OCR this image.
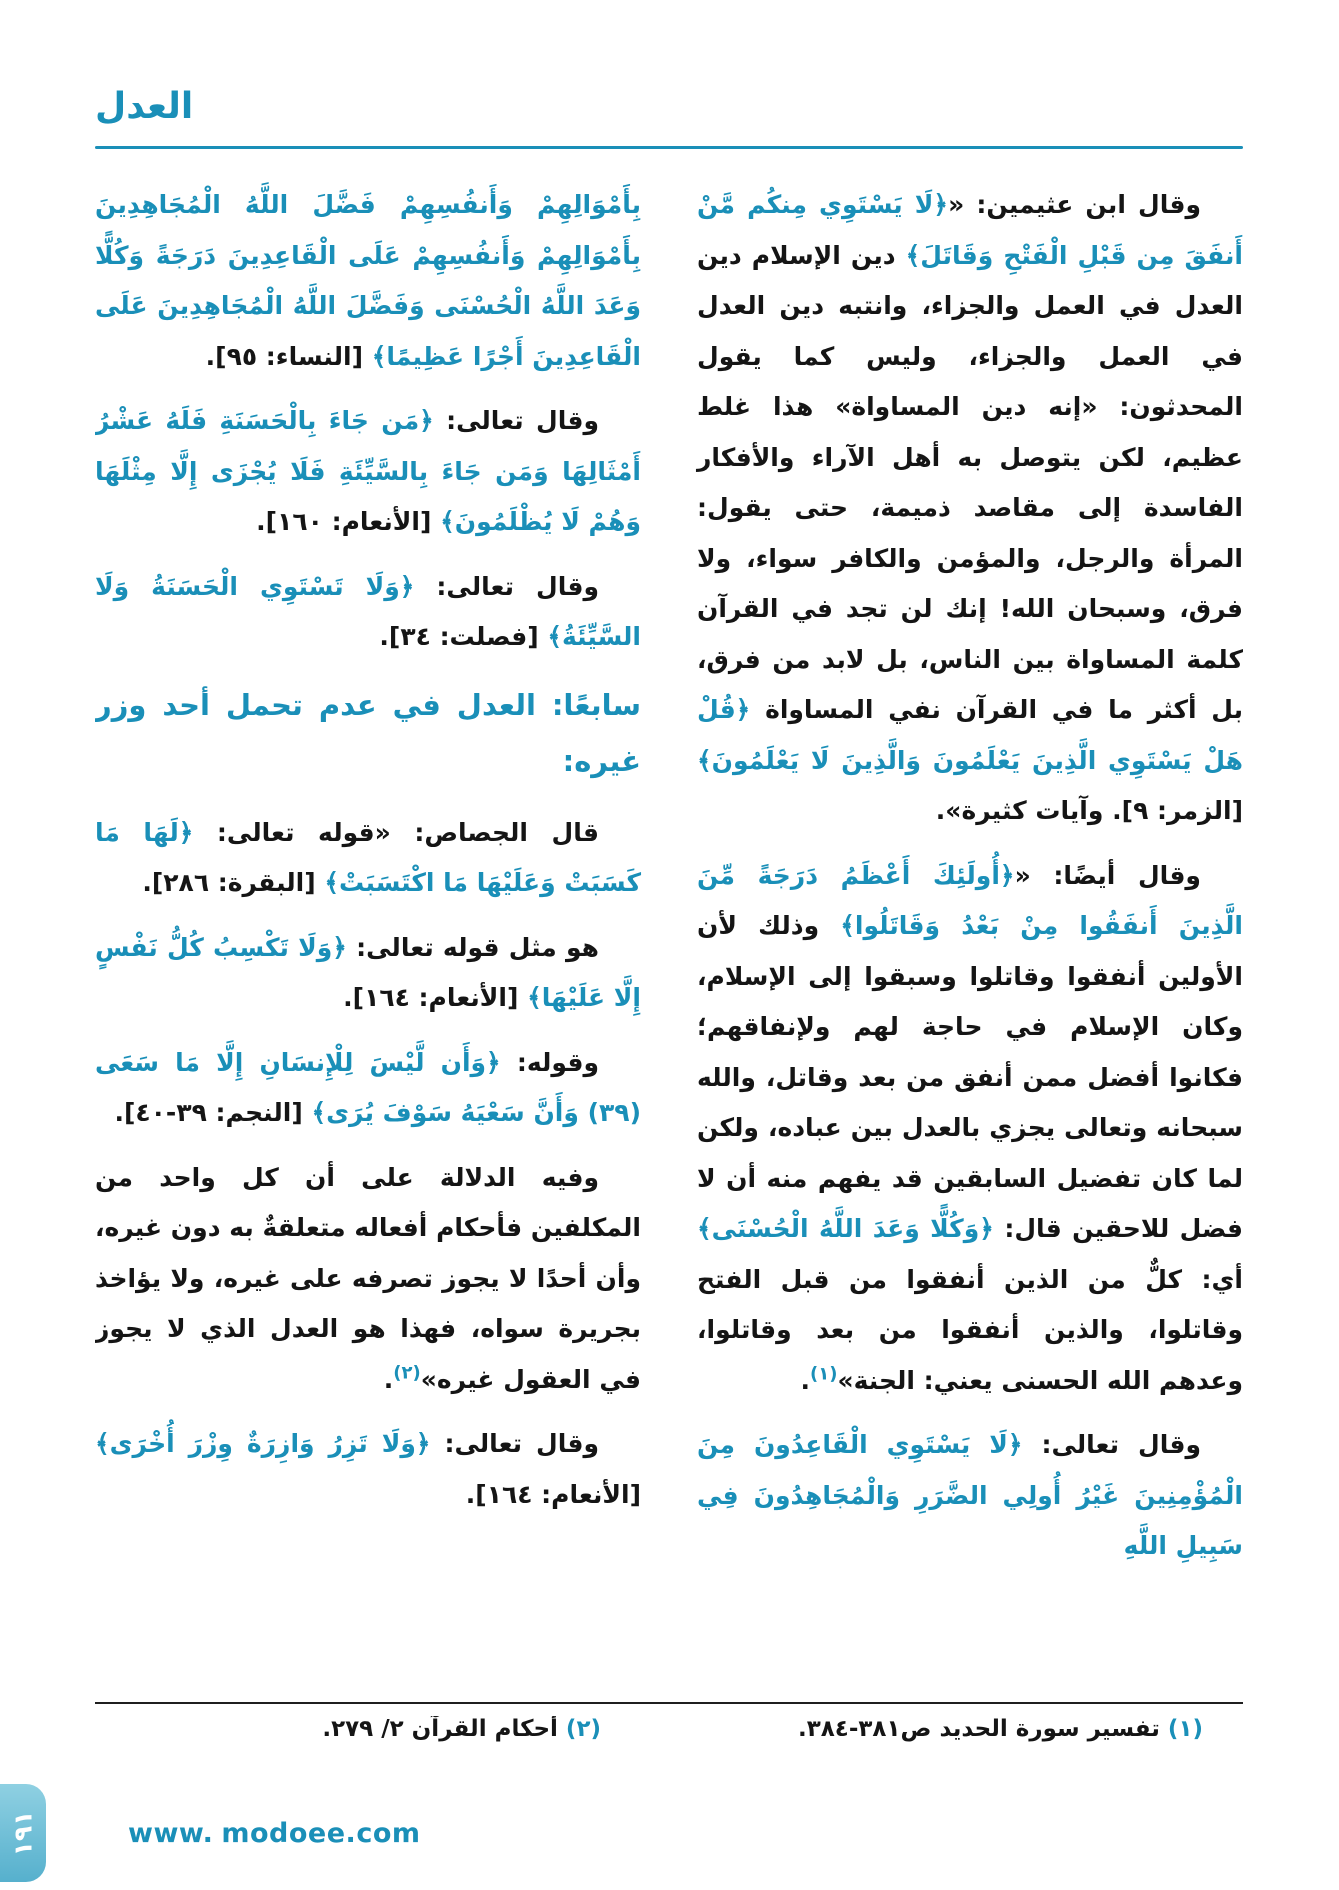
العدل

وقال ابن عثيمين: «﴿لَا يَسْتَوِي مِنكُم مَّنْ أَنفَقَ مِن قَبْلِ الْفَتْحِ وَقَاتَلَ﴾ دين الإسلام دين العدل في العمل والجزاء، وانتبه دين العدل في العمل والجزاء، وليس كما يقول المحدثون: «إنه دين المساواة» هذا غلط عظيم، لكن يتوصل به أهل الآراء والأفكار الفاسدة إلى مقاصد ذميمة، حتى يقول: المرأة والرجل، والمؤمن والكافر سواء، ولا فرق، وسبحان الله! إنك لن تجد في القرآن كلمة المساواة بين الناس، بل لابد من فرق، بل أكثر ما في القرآن نفي المساواة ﴿قُلْ هَلْ يَسْتَوِي الَّذِينَ يَعْلَمُونَ وَالَّذِينَ لَا يَعْلَمُونَ﴾ [الزمر: ٩]. وآيات كثيرة».

وقال أيضًا: «﴿أُولَئِكَ أَعْظَمُ دَرَجَةً مِّنَ الَّذِينَ أَنفَقُوا مِنْ بَعْدُ وَقَاتَلُوا﴾ وذلك لأن الأولين أنفقوا وقاتلوا وسبقوا إلى الإسلام، وكان الإسلام في حاجة لهم ولإنفاقهم؛ فكانوا أفضل ممن أنفق من بعد وقاتل، والله سبحانه وتعالى يجزي بالعدل بين عباده، ولكن لما كان تفضيل السابقين قد يفهم منه أن لا فضل للاحقين قال: ﴿وَكُلًّا وَعَدَ اللَّهُ الْحُسْنَى﴾ أي: كلٌّ من الذين أنفقوا من قبل الفتح وقاتلوا، والذين أنفقوا من بعد وقاتلوا، وعدهم الله الحسنى يعني: الجنة»$^{(١)}$.

وقال تعالى: ﴿لَا يَسْتَوِي الْقَاعِدُونَ مِنَ الْمُؤْمِنِينَ غَيْرُ أُولِي الضَّرَرِ وَالْمُجَاهِدُونَ فِي سَبِيلِ اللَّهِ

بِأَمْوَالِهِمْ وَأَنفُسِهِمْ فَضَّلَ اللَّهُ الْمُجَاهِدِينَ بِأَمْوَالِهِمْ وَأَنفُسِهِمْ عَلَى الْقَاعِدِينَ دَرَجَةً وَكُلًّا وَعَدَ اللَّهُ الْحُسْنَى وَفَضَّلَ اللَّهُ الْمُجَاهِدِينَ عَلَى الْقَاعِدِينَ أَجْرًا عَظِيمًا﴾ [النساء: ٩٥].

وقال تعالى: ﴿مَن جَاءَ بِالْحَسَنَةِ فَلَهُ عَشْرُ أَمْثَالِهَا وَمَن جَاءَ بِالسَّيِّئَةِ فَلَا يُجْزَى إِلَّا مِثْلَهَا وَهُمْ لَا يُظْلَمُونَ﴾ [الأنعام: ١٦٠].

وقال تعالى: ﴿وَلَا تَسْتَوِي الْحَسَنَةُ وَلَا السَّيِّئَةُ﴾ [فصلت: ٣٤].

سابعًا: العدل في عدم تحمل أحد وزر غيره:

قال الجصاص: «قوله تعالى: ﴿لَهَا مَا كَسَبَتْ وَعَلَيْهَا مَا اكْتَسَبَتْ﴾ [البقرة: ٢٨٦].

هو مثل قوله تعالى: ﴿وَلَا تَكْسِبُ كُلُّ نَفْسٍ إِلَّا عَلَيْهَا﴾ [الأنعام: ١٦٤].

وقوله: ﴿وَأَن لَّيْسَ لِلْإِنسَانِ إِلَّا مَا سَعَى (٣٩) وَأَنَّ سَعْيَهُ سَوْفَ يُرَى﴾ [النجم: ٣٩-٤٠].

وفيه الدلالة على أن كل واحد من المكلفين فأحكام أفعاله متعلقةٌ به دون غيره، وأن أحدًا لا يجوز تصرفه على غيره، ولا يؤاخذ بجريرة سواه، فهذا هو العدل الذي لا يجوز في العقول غيره»$^{(٢)}$.

وقال تعالى: ﴿وَلَا تَزِرُ وَازِرَةٌ وِزْرَ أُخْرَى﴾ [الأنعام: ١٦٤].

(١)تفسير سورة الحديد ص٣٨١-٣٨٤.
(٢)أحكام القرآن ٢/ ٢٧٩.
١٩١	www. modoee.com
